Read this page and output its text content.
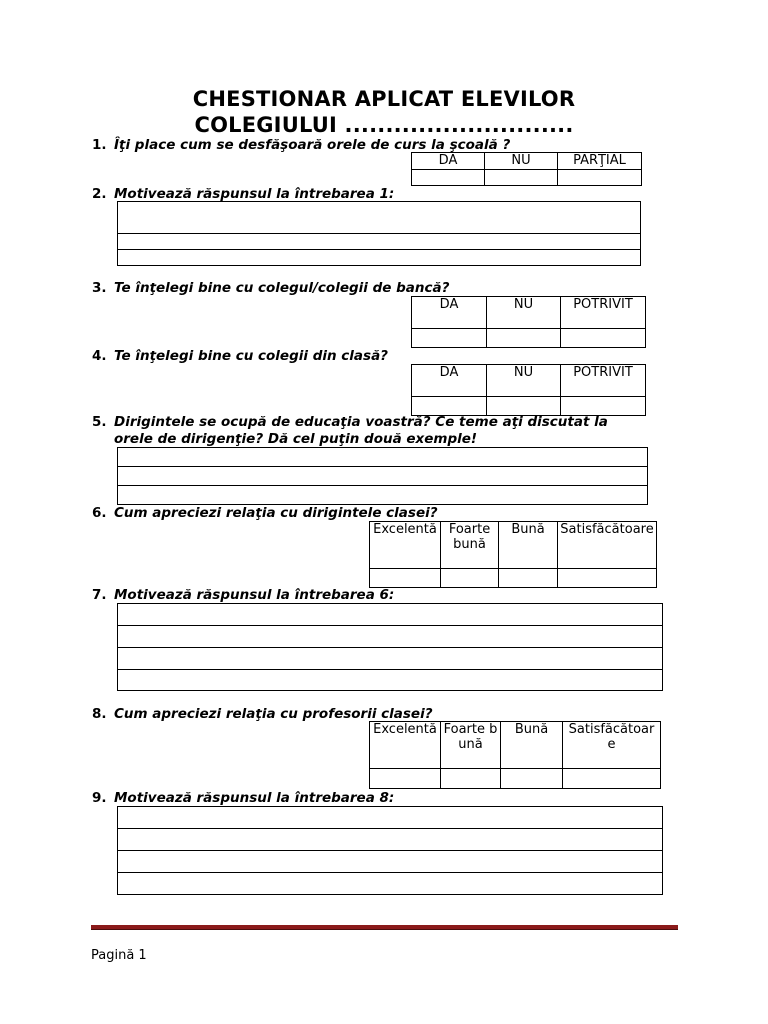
CHESTIONAR APLICAT ELEVILOR
COLEGIULUI ............................
1. Îţi place cum se desfăşoară orele de curs la şcoală ?
DA	NU	PARŢIAL

2. Motivează răspunsul la întrebarea 1:

3. Te înţelegi bine cu colegul/colegii de bancă?
DA	NU	POTRIVIT

4. Te înţelegi bine cu colegii din clasă?
DA	NU	POTRIVIT

5. Dirigintele se ocupă de educaţia voastră? Ce teme aţi discutat la
orele de dirigenţie? Dă cel puţin două exemple!

6. Cum apreciezi relaţia cu dirigintele clasei?
Excelentă	Foarte bună	Bună	Satisfăcătoare

7. Motivează răspunsul la întrebarea 6:

8. Cum apreciezi relaţia cu profesorii clasei?
Excelentă	Foarte bună	Bună	Satisfăcătoare

9. Motivează răspunsul la întrebarea 8:

Pagină 1
